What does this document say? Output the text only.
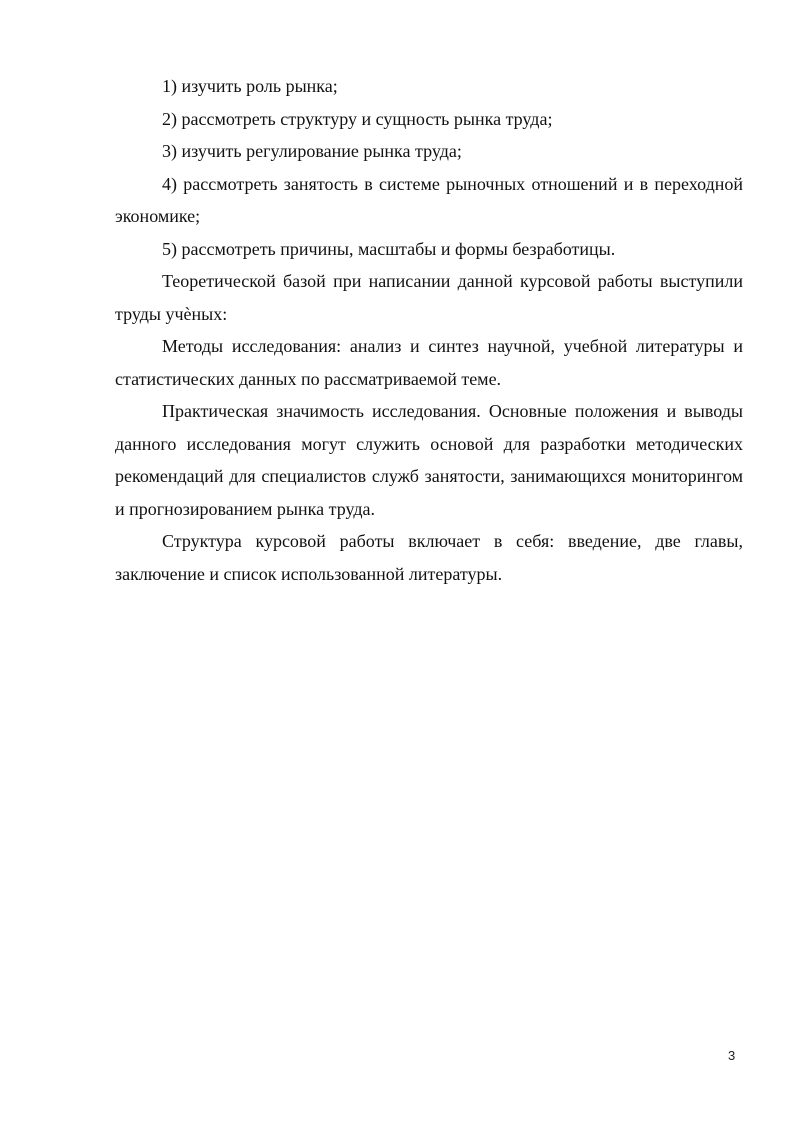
1) изучить роль рынка;

2) рассмотреть структуру и сущность рынка труда;

3) изучить регулирование рынка труда;

4) рассмотреть занятость в системе рыночных отношений и в переходной экономике;

5) рассмотреть причины, масштабы и формы безработицы.

Теоретической базой при написании данной курсовой работы выступили труды учѐных:

Методы исследования: анализ и синтез научной, учебной литературы и статистических данных по рассматриваемой теме.

Практическая значимость исследования. Основные положения и выводы данного исследования могут служить основой для разработки методических рекомендаций для специалистов служб занятости, занимающихся мониторингом и прогнозированием рынка труда.

Структура курсовой работы включает в себя: введение, две главы, заключение и список использованной литературы.

3
